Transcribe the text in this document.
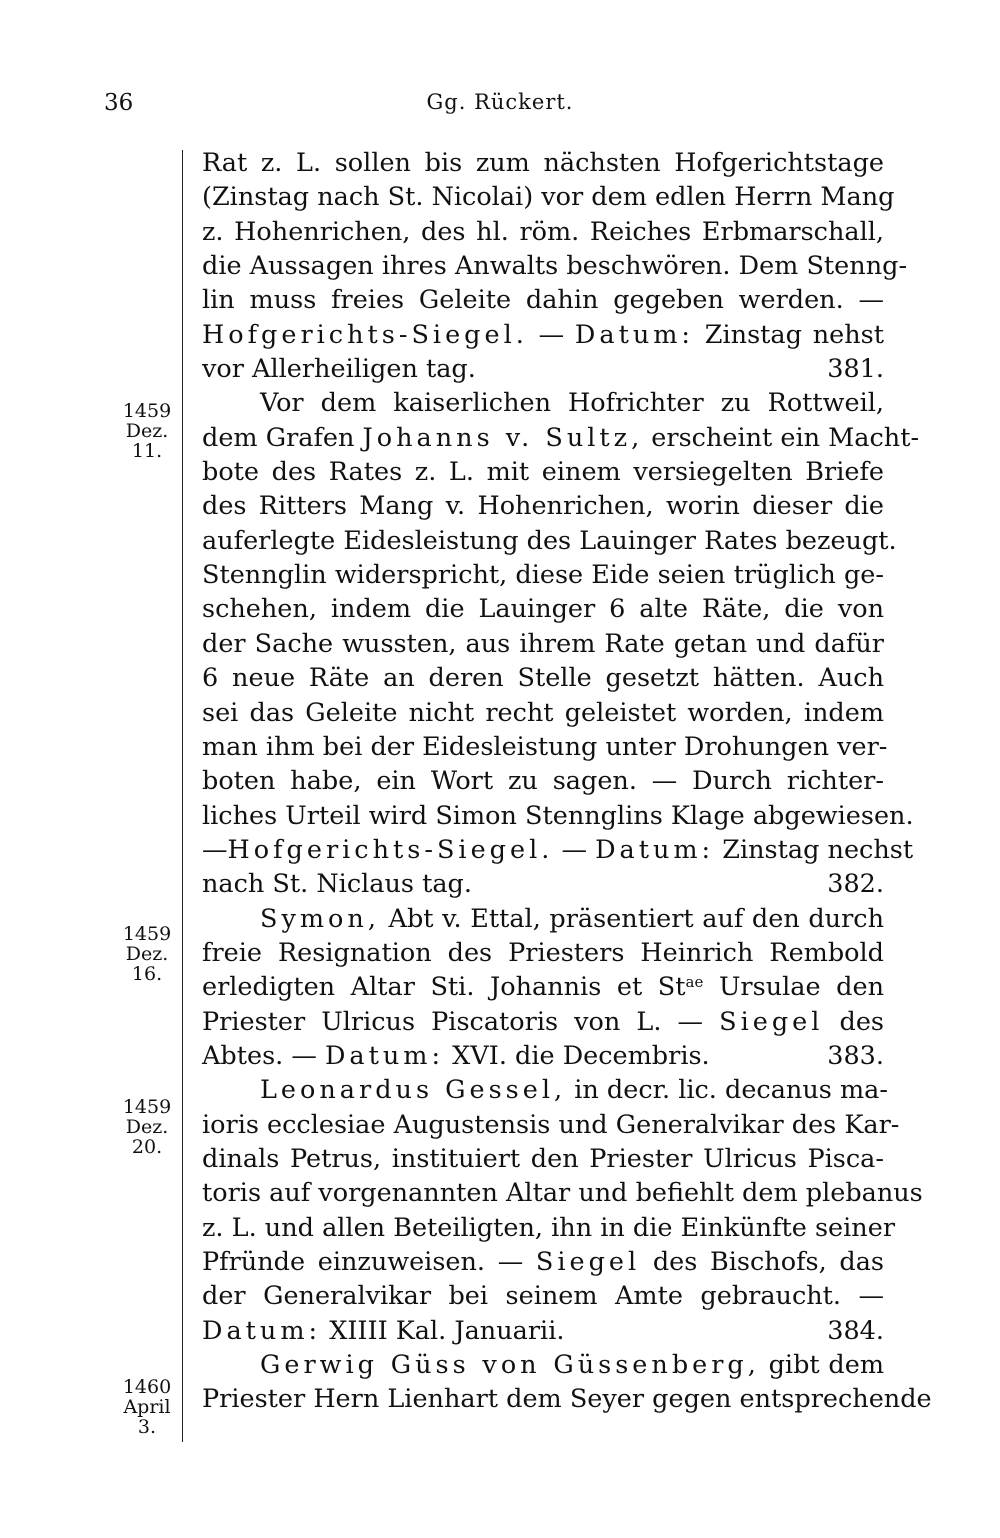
36	Gg. Rückert.
1459
Dez.
11.
1459
Dez.
16.
1459
Dez.
20.
1460
April
3.
Rat z. L. sollen bis zum nächsten Hofgerichtstage
(Zinstag nach St. Nicolai) vor dem edlen Herrn Mang
z. Hohenrichen, des hl. röm. Reiches Erbmarschall,
die Aussagen ihres Anwalts beschwören. Dem Stenng-
lin muss freies Geleite dahin gegeben werden. —
Hofgerichts-Siegel. — Datum: Zinstag nehst
vor Allerheiligen tag.	381.
Vor dem kaiserlichen Hofrichter zu Rottweil,
dem Grafen Johanns v. Sultz, erscheint ein Macht-
bote des Rates z. L. mit einem versiegelten Briefe
des Ritters Mang v. Hohenrichen, worin dieser die
auferlegte Eidesleistung des Lauinger Rates bezeugt.
Stennglin widerspricht, diese Eide seien trüglich ge-
schehen, indem die Lauinger 6 alte Räte, die von
der Sache wussten, aus ihrem Rate getan und dafür
6 neue Räte an deren Stelle gesetzt hätten. Auch
sei das Geleite nicht recht geleistet worden, indem
man ihm bei der Eidesleistung unter Drohungen ver-
boten habe, ein Wort zu sagen. — Durch richter-
liches Urteil wird Simon Stennglins Klage abgewiesen.
—Hofgerichts-Siegel. — Datum: Zinstag nechst
nach St. Niclaus tag.	382.
Symon, Abt v. Ettal, präsentiert auf den durch
freie Resignation des Priesters Heinrich Rembold
erledigten Altar Sti. Johannis et $St^{ae}$ Ursulae den
Priester Ulricus Piscatoris von L. — Siegel des
Abtes. — Datum: XVI. die Decembris.	383.
Leonardus Gessel, in decr. lic. decanus ma-
ioris ecclesiae Augustensis und Generalvikar des Kar-
dinals Petrus, instituiert den Priester Ulricus Pisca-
toris auf vorgenannten Altar und befiehlt dem plebanus
z. L. und allen Beteiligten, ihn in die Einkünfte seiner
Pfründe einzuweisen. — Siegel des Bischofs, das
der Generalvikar bei seinem Amte gebraucht. —
Datum: XIIII Kal. Januarii.	384.
Gerwig Güss von Güssenberg, gibt dem
Priester Hern Lienhart dem Seyer gegen entsprechende
